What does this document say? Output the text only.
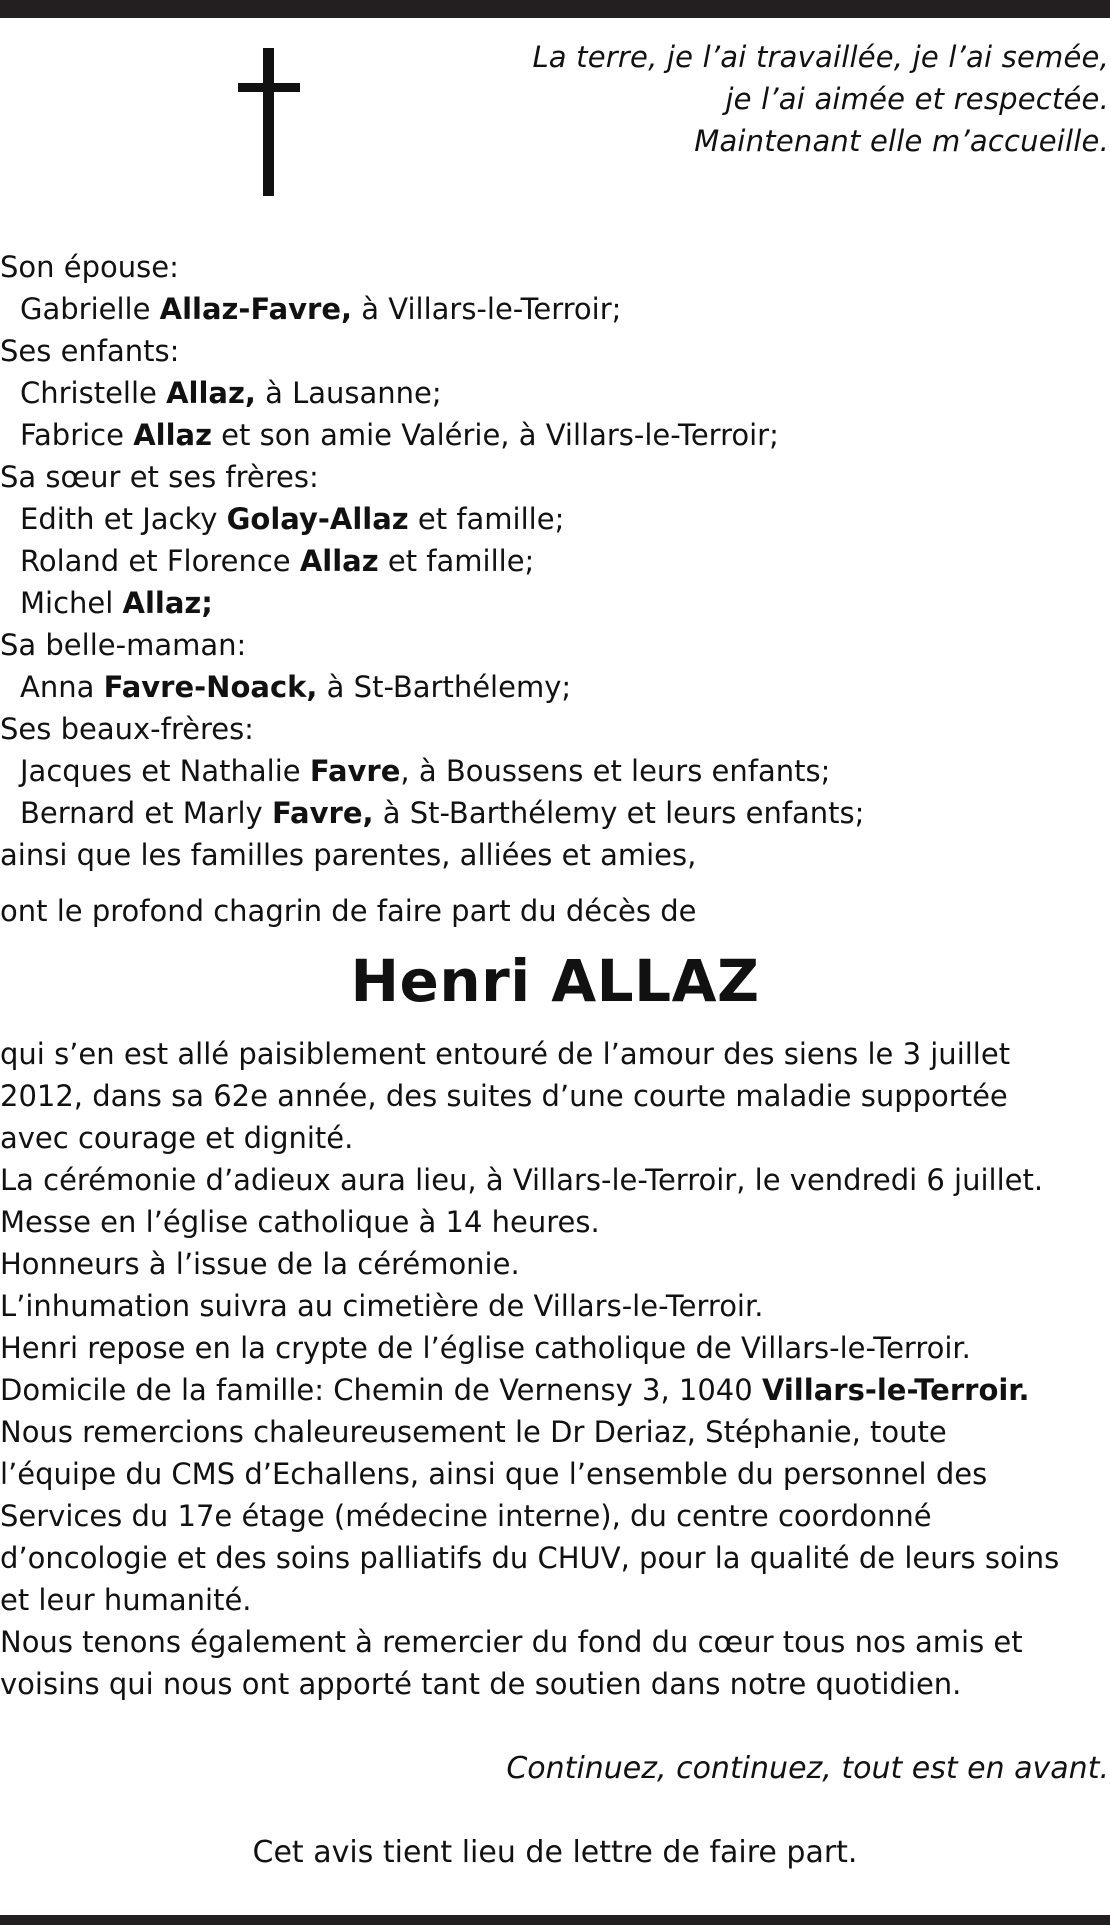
La terre, je l’ai travaillée, je l’ai semée,
je l’ai aimée et respectée.
Maintenant elle m’accueille.
Son épouse:
Gabrielle Allaz-Favre, à Villars-le-Terroir;
Ses enfants:
Christelle Allaz, à Lausanne;
Fabrice Allaz et son amie Valérie, à Villars-le-Terroir;
Sa sœur et ses frères:
Edith et Jacky Golay-Allaz et famille;
Roland et Florence Allaz et famille;
Michel Allaz;
Sa belle-maman:
Anna Favre-Noack, à St-Barthélemy;
Ses beaux-frères:
Jacques et Nathalie Favre, à Boussens et leurs enfants;
Bernard et Marly Favre, à St-Barthélemy et leurs enfants;
ainsi que les familles parentes, alliées et amies,
ont le profond chagrin de faire part du décès de
Henri ALLAZ
qui s’en est allé paisiblement entouré de l’amour des siens le 3 juillet
2012, dans sa 62e année, des suites d’une courte maladie supportée
avec courage et dignité.
La cérémonie d’adieux aura lieu, à Villars-le-Terroir, le vendredi 6 juillet.
Messe en l’église catholique à 14 heures.
Honneurs à l’issue de la cérémonie.
L’inhumation suivra au cimetière de Villars-le-Terroir.
Henri repose en la crypte de l’église catholique de Villars-le-Terroir.
Domicile de la famille: Chemin de Vernensy 3, 1040 Villars-le-Terroir.
Nous remercions chaleureusement le Dr Deriaz, Stéphanie, toute
l’équipe du CMS d’Echallens, ainsi que l’ensemble du personnel des
Services du 17e étage (médecine interne), du centre coordonné
d’oncologie et des soins palliatifs du CHUV, pour la qualité de leurs soins
et leur humanité.
Nous tenons également à remercier du fond du cœur tous nos amis et
voisins qui nous ont apporté tant de soutien dans notre quotidien.
Continuez, continuez, tout est en avant.
Cet avis tient lieu de lettre de faire part.
